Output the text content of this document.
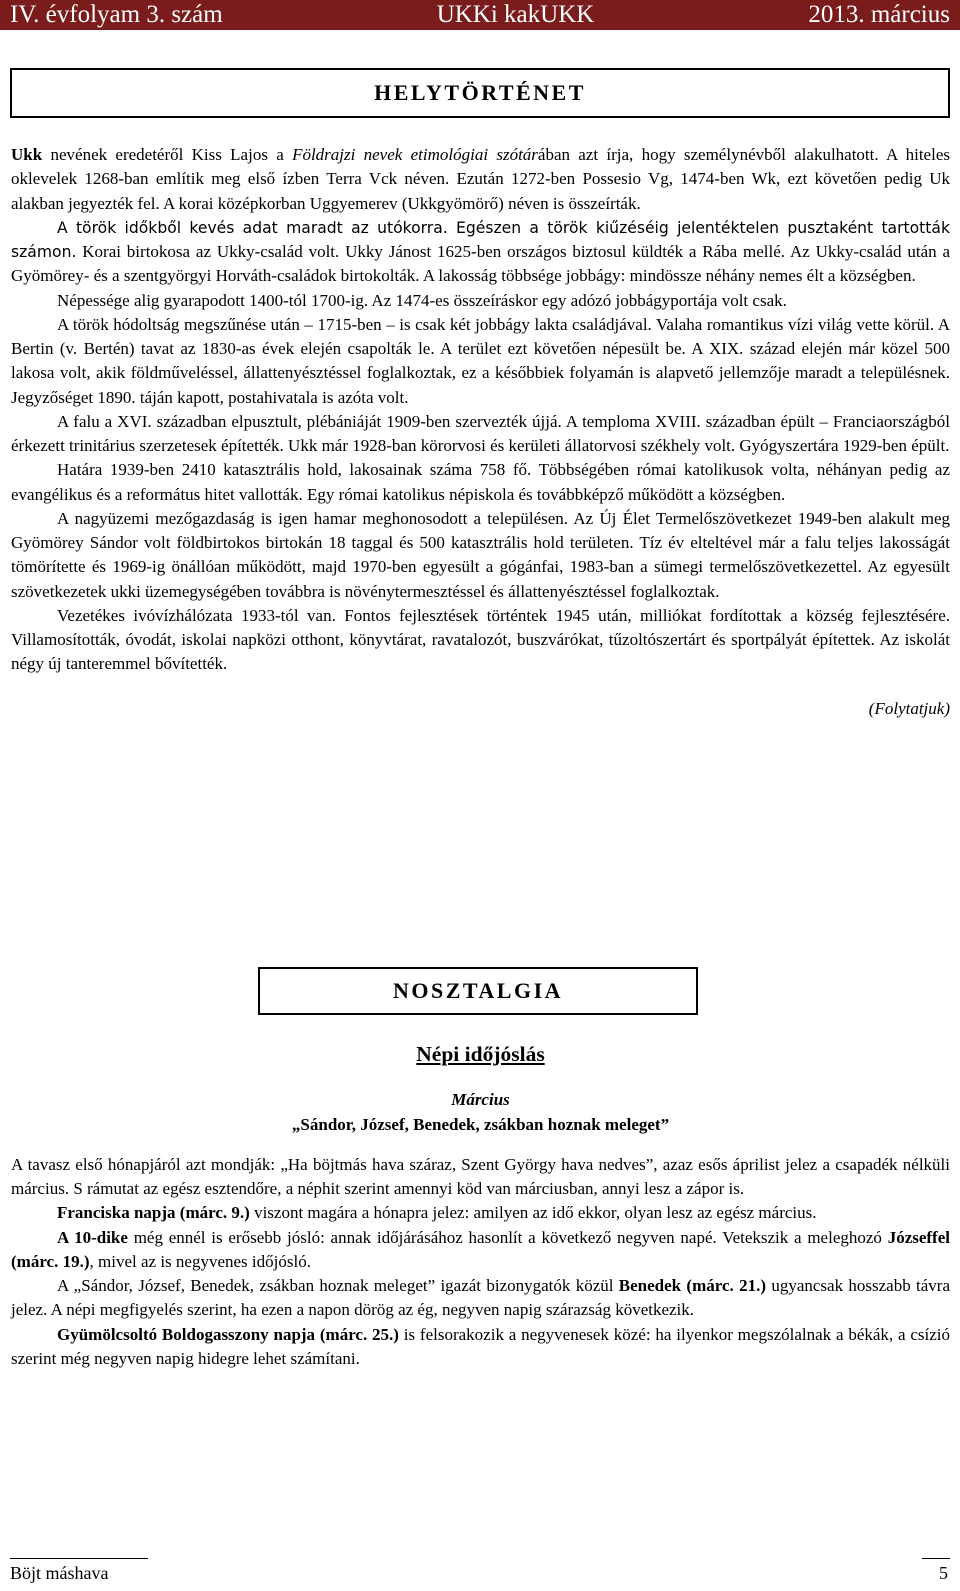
IV. évfolyam 3. szám	UKKi kakUKK	2013. március
HELYTÖRTÉNET

Ukk nevének eredetéről Kiss Lajos a Földrajzi nevek etimológiai szótárában azt írja, hogy személynévből alakulhatott. A hiteles oklevelek 1268-ban említik meg első ízben Terra Vck néven. Ezután 1272-ben Possesio Vg, 1474-ben Wk, ezt követően pedig Uk alakban jegyezték fel. A korai középkorban Uggyemerev (Ukkgyömörő) néven is összeírták.

A török időkből kevés adat maradt az utókorra. Egészen a török kiűzéséig jelentéktelen pusztaként tartották számon. Korai birtokosa az Ukky-család volt. Ukky Jánost 1625-ben országos biztosul küldték a Rába mellé. Az Ukky-család után a Gyömörey- és a szentgyörgyi Horváth-családok birtokolták. A lakosság többsége jobbágy: mindössze néhány nemes élt a községben.

Népessége alig gyarapodott 1400-tól 1700-ig. Az 1474-es összeíráskor egy adózó jobbágyportája volt csak.

A török hódoltság megszűnése után – 1715-ben – is csak két jobbágy lakta családjával. Valaha romantikus vízi világ vette körül. A Bertin (v. Bertén) tavat az 1830-as évek elején csapolták le. A terület ezt követően népesült be. A XIX. század elején már közel 500 lakosa volt, akik földműveléssel, állattenyésztéssel foglalkoztak, ez a későbbiek folyamán is alapvető jellemzője maradt a településnek. Jegyzőséget 1890. táján kapott, postahivatala is azóta volt.

A falu a XVI. században elpusztult, plébániáját 1909-ben szervezték újjá. A temploma XVIII. században épült – Franciaországból érkezett trinitárius szerzetesek építették. Ukk már 1928-ban körorvosi és kerületi állatorvosi székhely volt. Gyógyszertára 1929-ben épült.

Határa 1939-ben 2410 katasztrális hold, lakosainak száma 758 fő. Többségében római katolikusok volta, néhányan pedig az evangélikus és a református hitet vallották. Egy római katolikus népiskola és továbbképző működött a községben.

A nagyüzemi mezőgazdaság is igen hamar meghonosodott a településen. Az Új Élet Termelőszövetkezet 1949-ben alakult meg Gyömörey Sándor volt földbirtokos birtokán 18 taggal és 500 katasztrális hold területen. Tíz év elteltével már a falu teljes lakosságát tömörítette és 1969-ig önállóan működött, majd 1970-ben egyesült a gógánfai, 1983-ban a sümegi termelőszövetkezettel. Az egyesült szövetkezetek ukki üzemegységében továbbra is növénytermesztéssel és állattenyésztéssel foglalkoztak.

Vezetékes ivóvízhálózata 1933-tól van. Fontos fejlesztések történtek 1945 után, milliókat fordítottak a község fejlesztésére. Villamosították, óvodát, iskolai napközi otthont, könyvtárat, ravatalozót, buszvárókat, tűzoltószertárt és sportpályát építettek. Az iskolát négy új tanteremmel bővítették.

(Folytatjuk)

NOSZTALGIA

Népi időjóslás

Március

„Sándor, József, Benedek, zsákban hoznak meleget”

A tavasz első hónapjáról azt mondják: „Ha böjtmás hava száraz, Szent György hava nedves”, azaz esős áprilist jelez a csapadék nélküli március. S rámutat az egész esztendőre, a néphit szerint amennyi köd van márciusban, annyi lesz a zápor is.

Franciska napja (márc. 9.) viszont magára a hónapra jelez: amilyen az idő ekkor, olyan lesz az egész március.

A 10-dike még ennél is erősebb jósló: annak időjárásához hasonlít a következő negyven napé. Vetekszik a meleghozó Józseffel (márc. 19.), mivel az is negyvenes időjósló.

A „Sándor, József, Benedek, zsákban hoznak meleget” igazát bizonygatók közül Benedek (márc. 21.) ugyancsak hosszabb távra jelez. A népi megfigyelés szerint, ha ezen a napon dörög az ég, negyven napig szárazság következik.

Gyümölcsoltó Boldogasszony napja (márc. 25.) is felsorakozik a negyvenesek közé: ha ilyenkor megszólalnak a békák, a csízió szerint még negyven napig hidegre lehet számítani.

Böjt máshava	5
